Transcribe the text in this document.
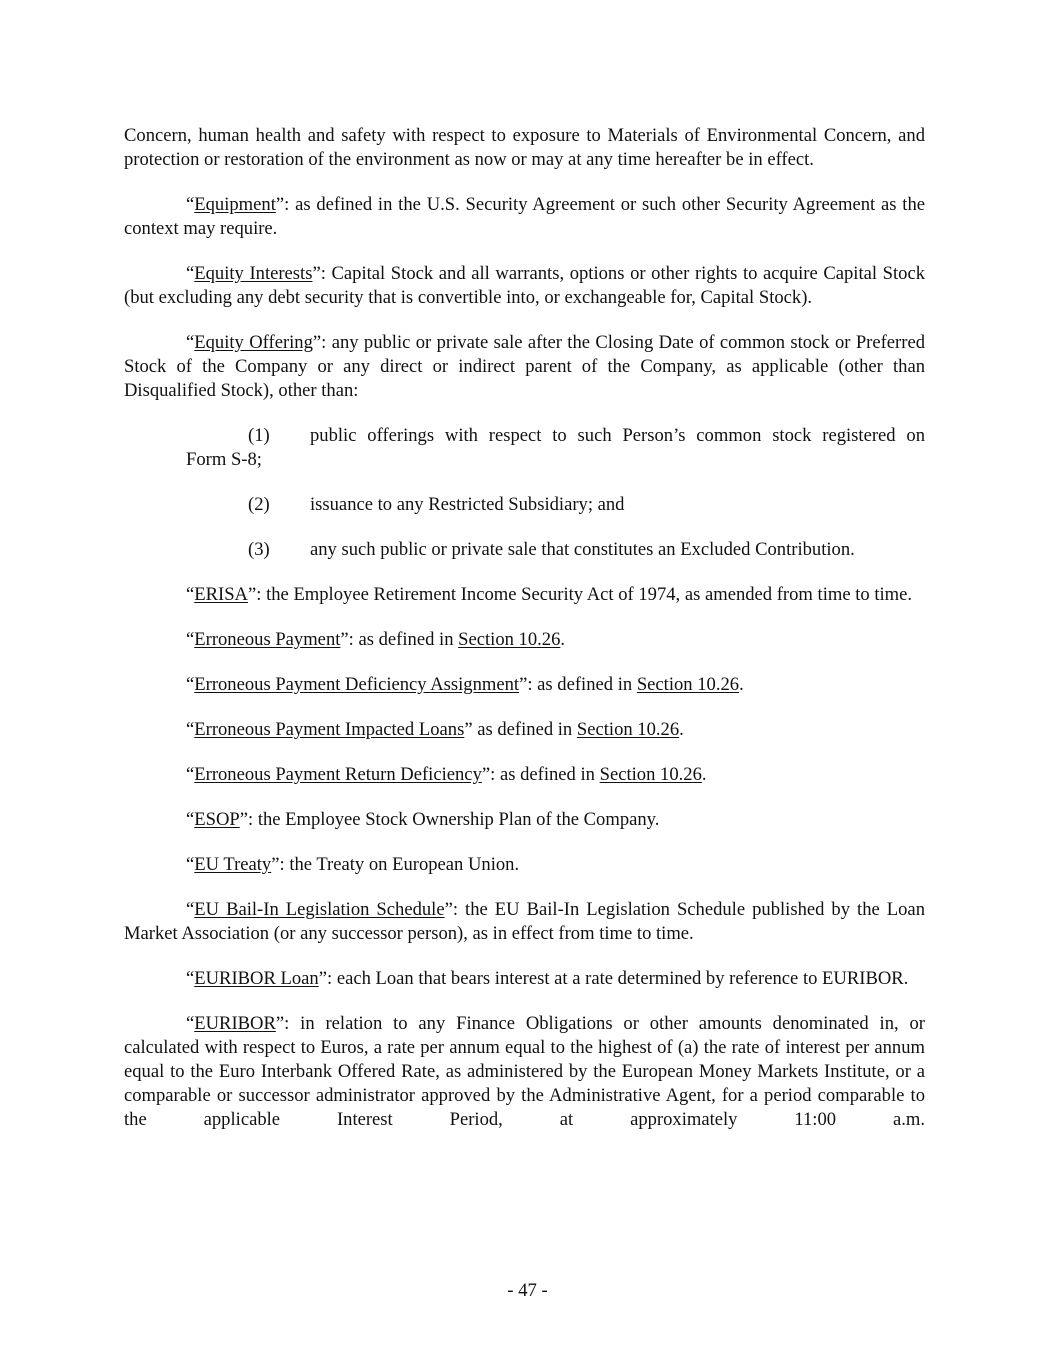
Concern, human health and safety with respect to exposure to Materials of Environmental Concern, and protection or restoration of the environment as now or may at any time hereafter be in effect.

“Equipment”: as defined in the U.S. Security Agreement or such other Security Agreement as the context may require.

“Equity Interests”: Capital Stock and all warrants, options or other rights to acquire Capital Stock (but excluding any debt security that is convertible into, or exchangeable for, Capital Stock).

“Equity Offering”: any public or private sale after the Closing Date of common stock or Preferred Stock of the Company or any direct or indirect parent of the Company, as applicable (other than Disqualified Stock), other than:

(1) public offerings with respect to such Person’s common stock registered on
Form S-8;
(2) issuance to any Restricted Subsidiary; and
(3) any such public or private sale that constitutes an Excluded Contribution.

“ERISA”: the Employee Retirement Income Security Act of 1974, as amended from time to time.

“Erroneous Payment”: as defined in Section 10.26.

“Erroneous Payment Deficiency Assignment”: as defined in Section 10.26.

“Erroneous Payment Impacted Loans” as defined in Section 10.26.

“Erroneous Payment Return Deficiency”: as defined in Section 10.26.

“ESOP”: the Employee Stock Ownership Plan of the Company.

“EU Treaty”: the Treaty on European Union.

“EU Bail-In Legislation Schedule”: the EU Bail-In Legislation Schedule published by the Loan Market Association (or any successor person), as in effect from time to time.

“EURIBOR Loan”: each Loan that bears interest at a rate determined by reference to EURIBOR.

“EURIBOR”: in relation to any Finance Obligations or other amounts denominated in, or calculated with respect to Euros, a rate per annum equal to the highest of (a) the rate of interest per annum equal to the Euro Interbank Offered Rate, as administered by the European Money Markets Institute, or a comparable or successor administrator approved by the Administrative Agent, for a period comparable to the applicable Interest Period, at approximately 11:00 a.m.

- 47 -
